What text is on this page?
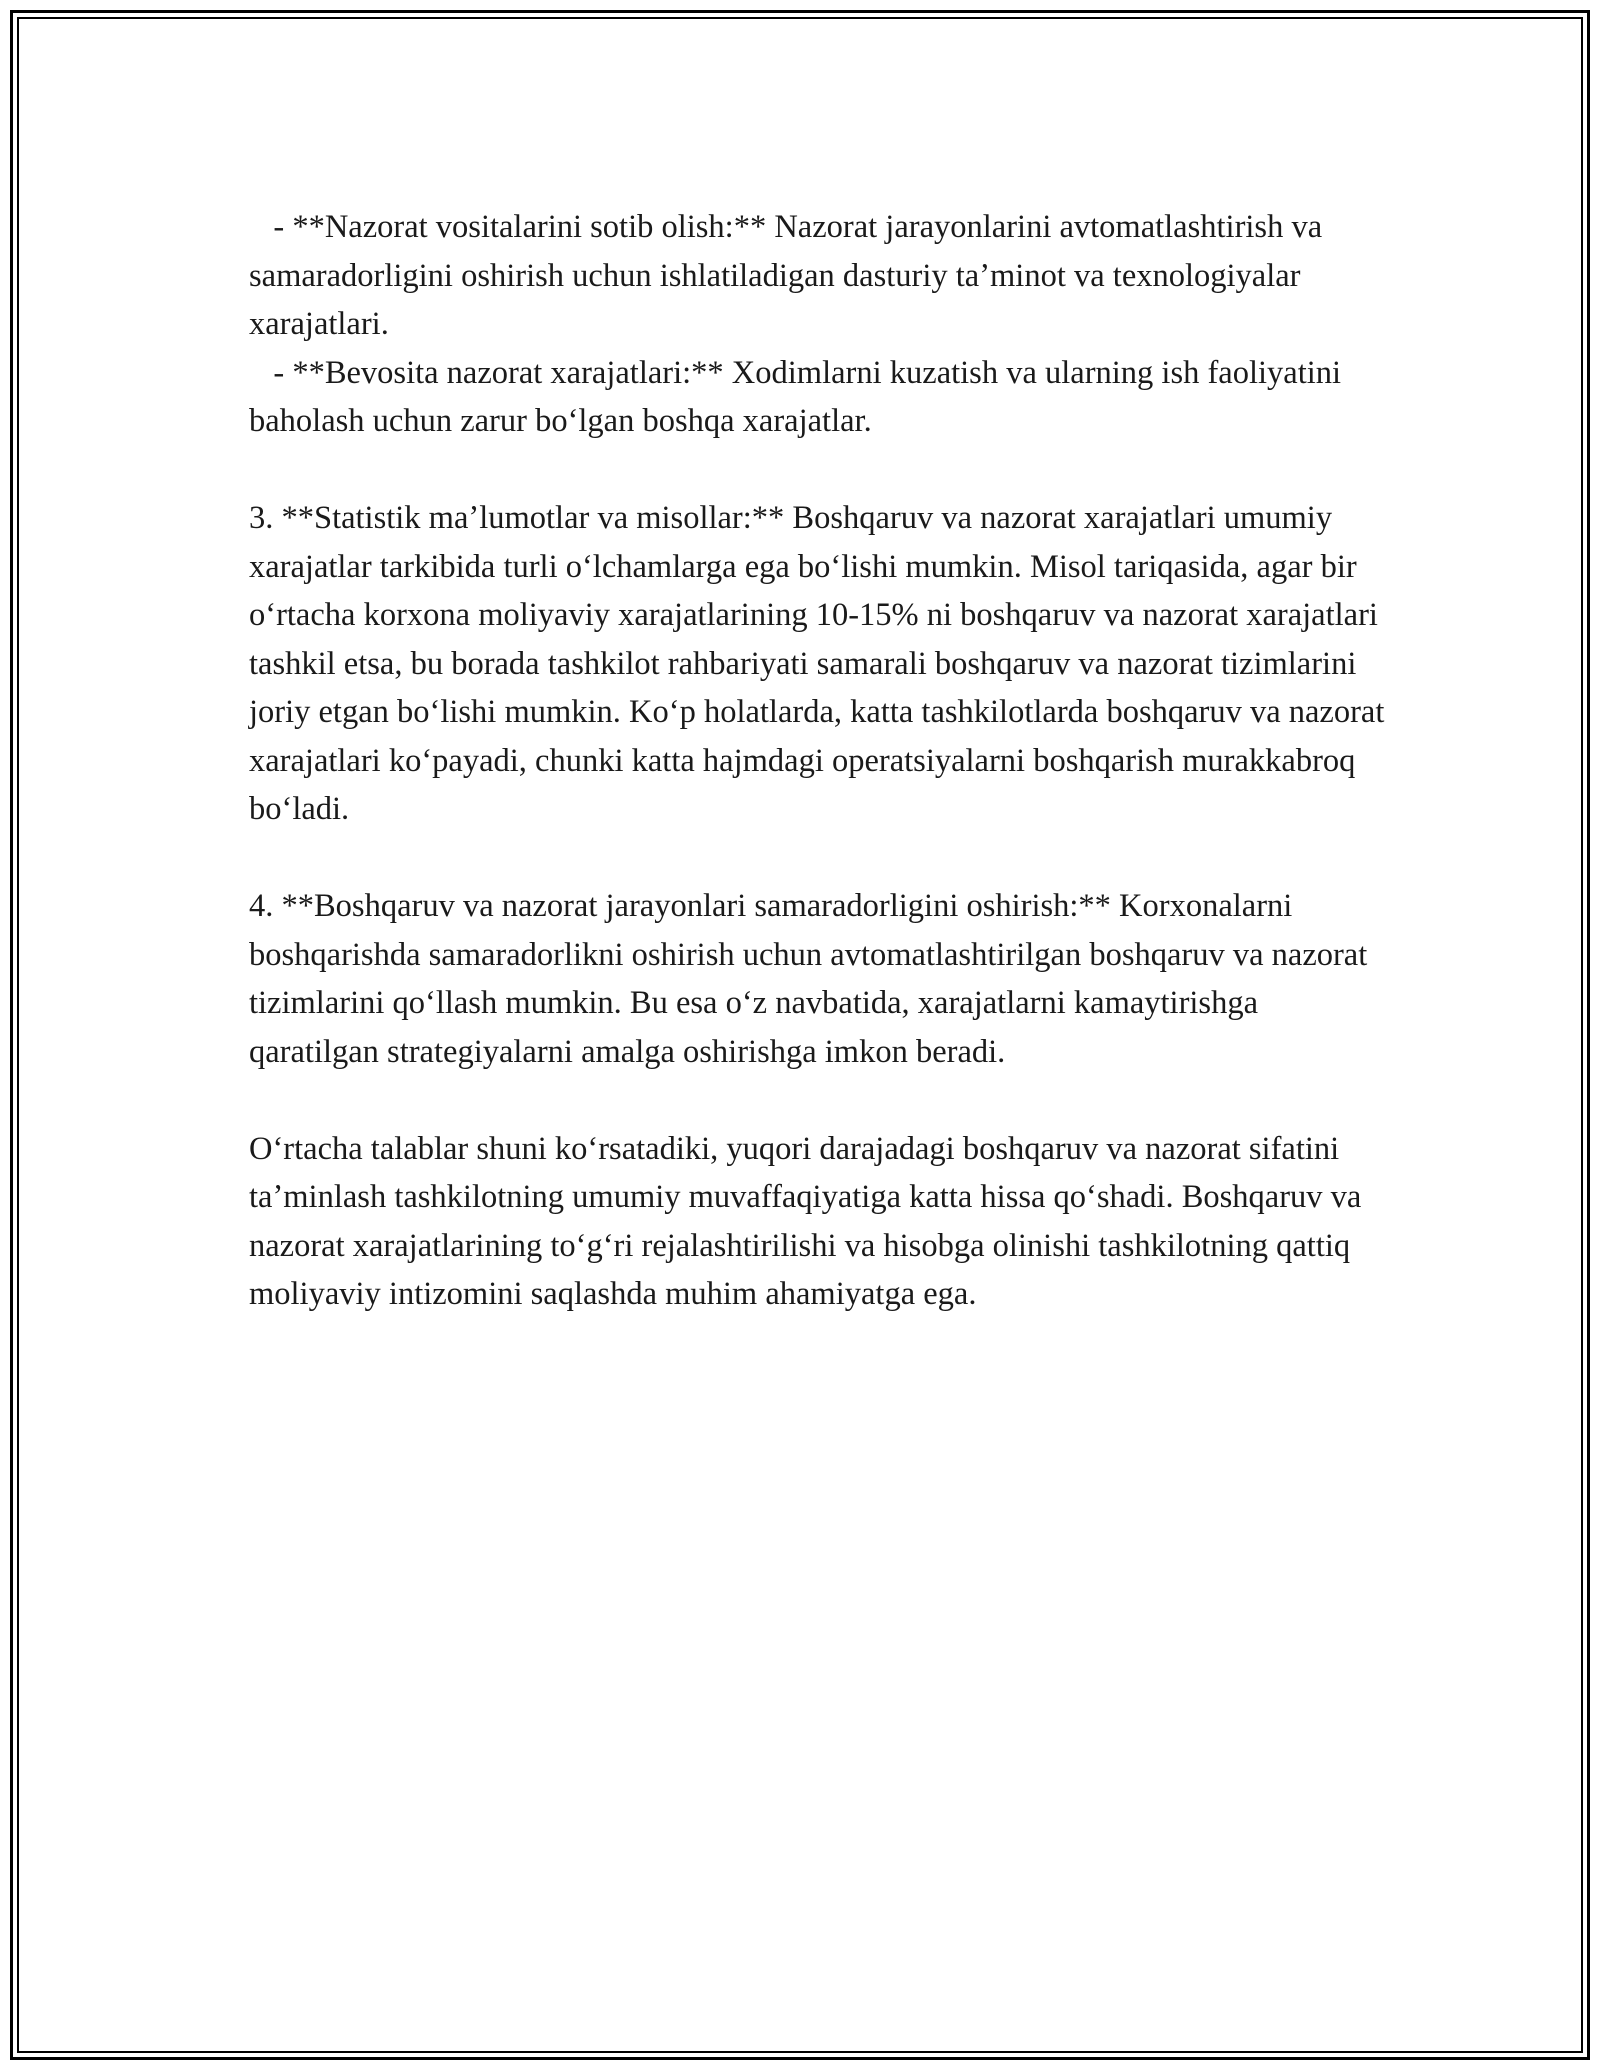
- **Nazorat vositalarini sotib olish:** Nazorat jarayonlarini avtomatlashtirish va samaradorligini oshirish uchun ishlatiladigan dasturiy taʼminot va texnologiyalar xarajatlari.

- **Bevosita nazorat xarajatlari:** Xodimlarni kuzatish va ularning ish faoliyatini baholash uchun zarur boʻlgan boshqa xarajatlar.

3. **Statistik maʼlumotlar va misollar:** Boshqaruv va nazorat xarajatlari umumiy xarajatlar tarkibida turli oʻlchamlarga ega boʻlishi mumkin. Misol tariqasida, agar bir oʻrtacha korxona moliyaviy xarajatlarining 10-15% ni boshqaruv va nazorat xarajatlari tashkil etsa, bu borada tashkilot rahbariyati samarali boshqaruv va nazorat tizimlarini joriy etgan boʻlishi mumkin. Koʻp holatlarda, katta tashkilotlarda boshqaruv va nazorat xarajatlari koʻpayadi, chunki katta hajmdagi operatsiyalarni boshqarish murakkabroq boʻladi.

4. **Boshqaruv va nazorat jarayonlari samaradorligini oshirish:** Korxonalarni boshqarishda samaradorlikni oshirish uchun avtomatlashtirilgan boshqaruv va nazorat tizimlarini qoʻllash mumkin. Bu esa oʻz navbatida, xarajatlarni kamaytirishga qaratilgan strategiyalarni amalga oshirishga imkon beradi.

Oʻrtacha talablar shuni koʻrsatadiki, yuqori darajadagi boshqaruv va nazorat sifatini taʼminlash tashkilotning umumiy muvaffaqiyatiga katta hissa qoʻshadi. Boshqaruv va nazorat xarajatlarining toʻgʻri rejalashtirilishi va hisobga olinishi tashkilotning qattiq moliyaviy intizomini saqlashda muhim ahamiyatga ega.
